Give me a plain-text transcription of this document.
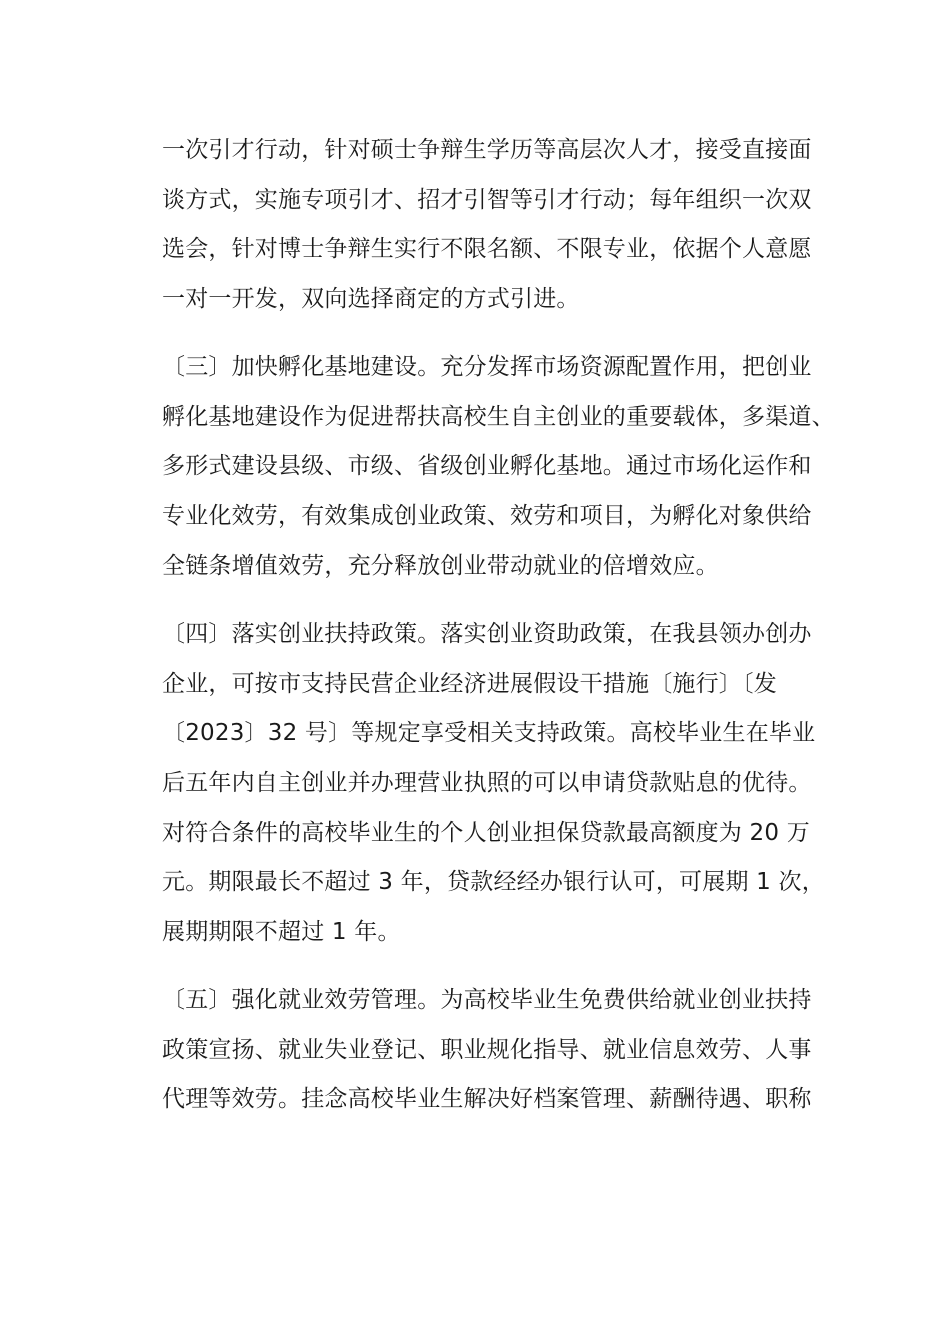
一次引才行动，针对硕士争辩生学历等高层次人才，接受直接面
谈方式，实施专项引才、招才引智等引才行动；每年组织一次双
选会，针对博士争辩生实行不限名额、不限专业，依据个人意愿
一对一开发，双向选择商定的方式引进。
〔三〕加快孵化基地建设。充分发挥市场资源配置作用，把创业
孵化基地建设作为促进帮扶高校生自主创业的重要载体，多渠道、
多形式建设县级、市级、省级创业孵化基地。通过市场化运作和
专业化效劳，有效集成创业政策、效劳和项目，为孵化对象供给
全链条增值效劳，充分释放创业带动就业的倍增效应。
〔四〕落实创业扶持政策。落实创业资助政策，在我县领办创办
企业，可按市支持民营企业经济进展假设干措施〔施行〕〔发
〔2023〕32 号〕等规定享受相关支持政策。高校毕业生在毕业
后五年内自主创业并办理营业执照的可以申请贷款贴息的优待。
对符合条件的高校毕业生的个人创业担保贷款最高额度为 20 万
元。期限最长不超过 3 年，贷款经经办银行认可，可展期 1 次，
展期期限不超过 1 年。
〔五〕强化就业效劳管理。为高校毕业生免费供给就业创业扶持
政策宣扬、就业失业登记、职业规化指导、就业信息效劳、人事
代理等效劳。挂念高校毕业生解决好档案管理、薪酬待遇、职称
